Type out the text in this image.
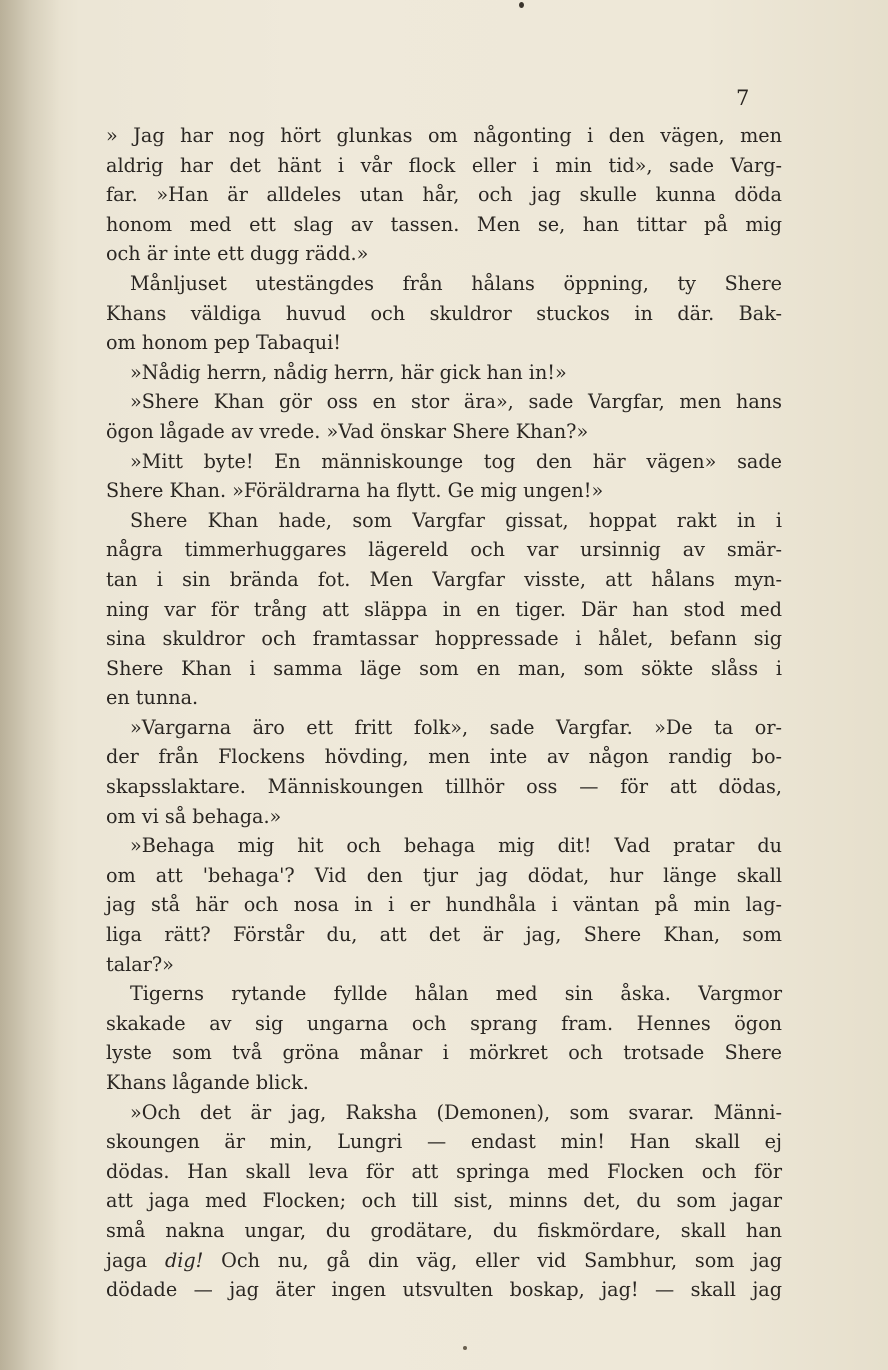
7
» Jag har nog hört glunkas om någonting i den vägen, men
aldrig har det hänt i vår flock eller i min tid», sade Varg-
far. »Han är alldeles utan hår, och jag skulle kunna döda
honom med ett slag av tassen. Men se, han tittar på mig
och är inte ett dugg rädd.»
Månljuset utestängdes från hålans öppning, ty Shere
Khans väldiga huvud och skuldror stuckos in där. Bak-
om honom pep Tabaqui!
»Nådig herrn, nådig herrn, här gick han in!»
»Shere Khan gör oss en stor ära», sade Vargfar, men hans
ögon lågade av vrede. »Vad önskar Shere Khan?»
»Mitt byte! En människounge tog den här vägen» sade
Shere Khan. »Föräldrarna ha flytt. Ge mig ungen!»
Shere Khan hade, som Vargfar gissat, hoppat rakt in i
några timmerhuggares lägereld och var ursinnig av smär-
tan i sin brända fot. Men Vargfar visste, att hålans myn-
ning var för trång att släppa in en tiger. Där han stod med
sina skuldror och framtassar hoppressade i hålet, befann sig
Shere Khan i samma läge som en man, som sökte slåss i
en tunna.
»Vargarna äro ett fritt folk», sade Vargfar. »De ta or-
der från Flockens hövding, men inte av någon randig bo-
skapsslaktare. Människoungen tillhör oss — för att dödas,
om vi så behaga.»
»Behaga mig hit och behaga mig dit! Vad pratar du
om att 'behaga'? Vid den tjur jag dödat, hur länge skall
jag stå här och nosa in i er hundhåla i väntan på min lag-
liga rätt? Förstår du, att det är jag, Shere Khan, som
talar?»
Tigerns rytande fyllde hålan med sin åska. Vargmor
skakade av sig ungarna och sprang fram. Hennes ögon
lyste som två gröna månar i mörkret och trotsade Shere
Khans lågande blick.
»Och det är jag, Raksha (Demonen), som svarar. Männi-
skoungen är min, Lungri — endast min! Han skall ej
dödas. Han skall leva för att springa med Flocken och för
att jaga med Flocken; och till sist, minns det, du som jagar
små nakna ungar, du grodätare, du fiskmördare, skall han
jaga dig! Och nu, gå din väg, eller vid Sambhur, som jag
dödade — jag äter ingen utsvulten boskap, jag! — skall jag
